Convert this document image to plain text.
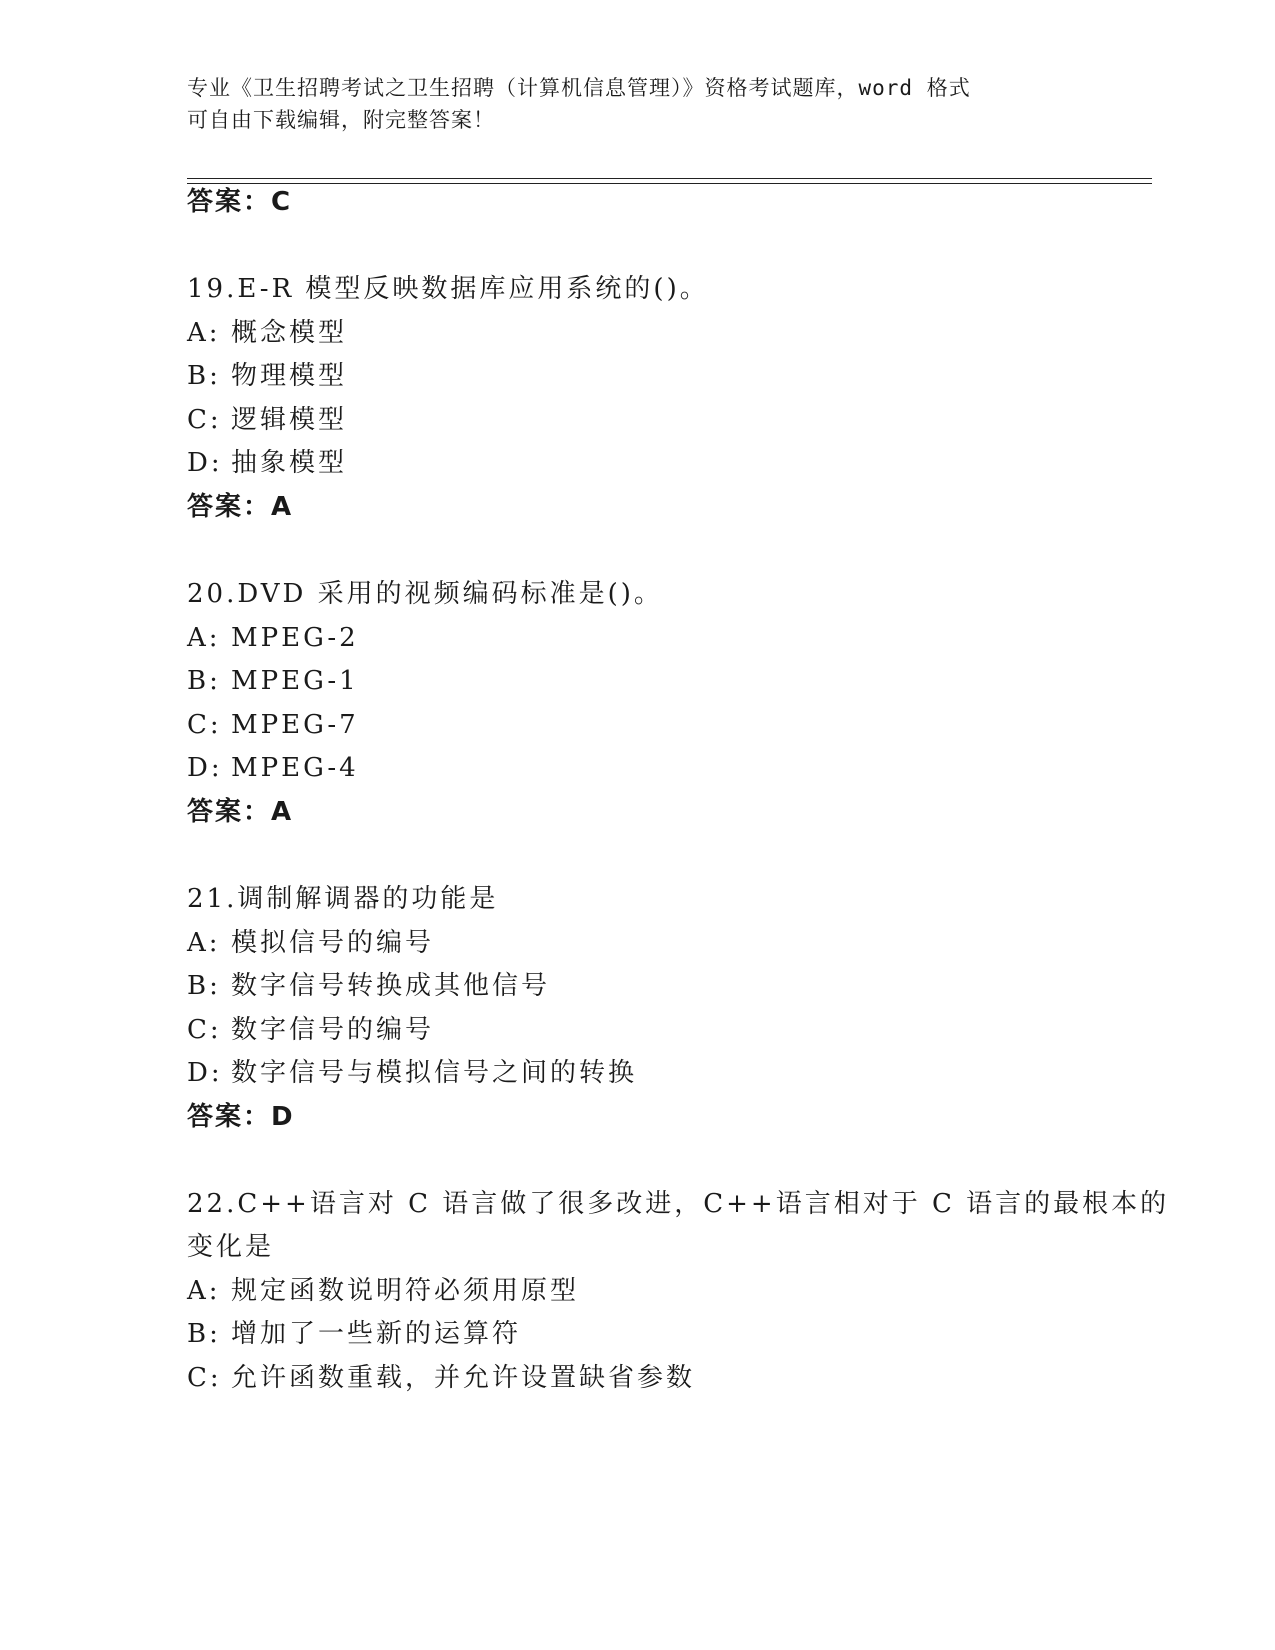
专业《卫生招聘考试之卫生招聘（计算机信息管理）》资格考试题库，word 格式
可自由下载编辑，附完整答案！
答案：C
19.E-R 模型反映数据库应用系统的()。
A: 概念模型
B: 物理模型
C: 逻辑模型
D: 抽象模型
答案：A
20.DVD 采用的视频编码标准是()。
A: MPEG-2
B: MPEG-1
C: MPEG-7
D: MPEG-4
答案：A
21.调制解调器的功能是
A: 模拟信号的编号
B: 数字信号转换成其他信号
C: 数字信号的编号
D: 数字信号与模拟信号之间的转换
答案：D
22.C++语言对 C 语言做了很多改进，C++语言相对于 C 语言的最根本的
变化是
A: 规定函数说明符必须用原型
B: 增加了一些新的运算符
C: 允许函数重载，并允许设置缺省参数
